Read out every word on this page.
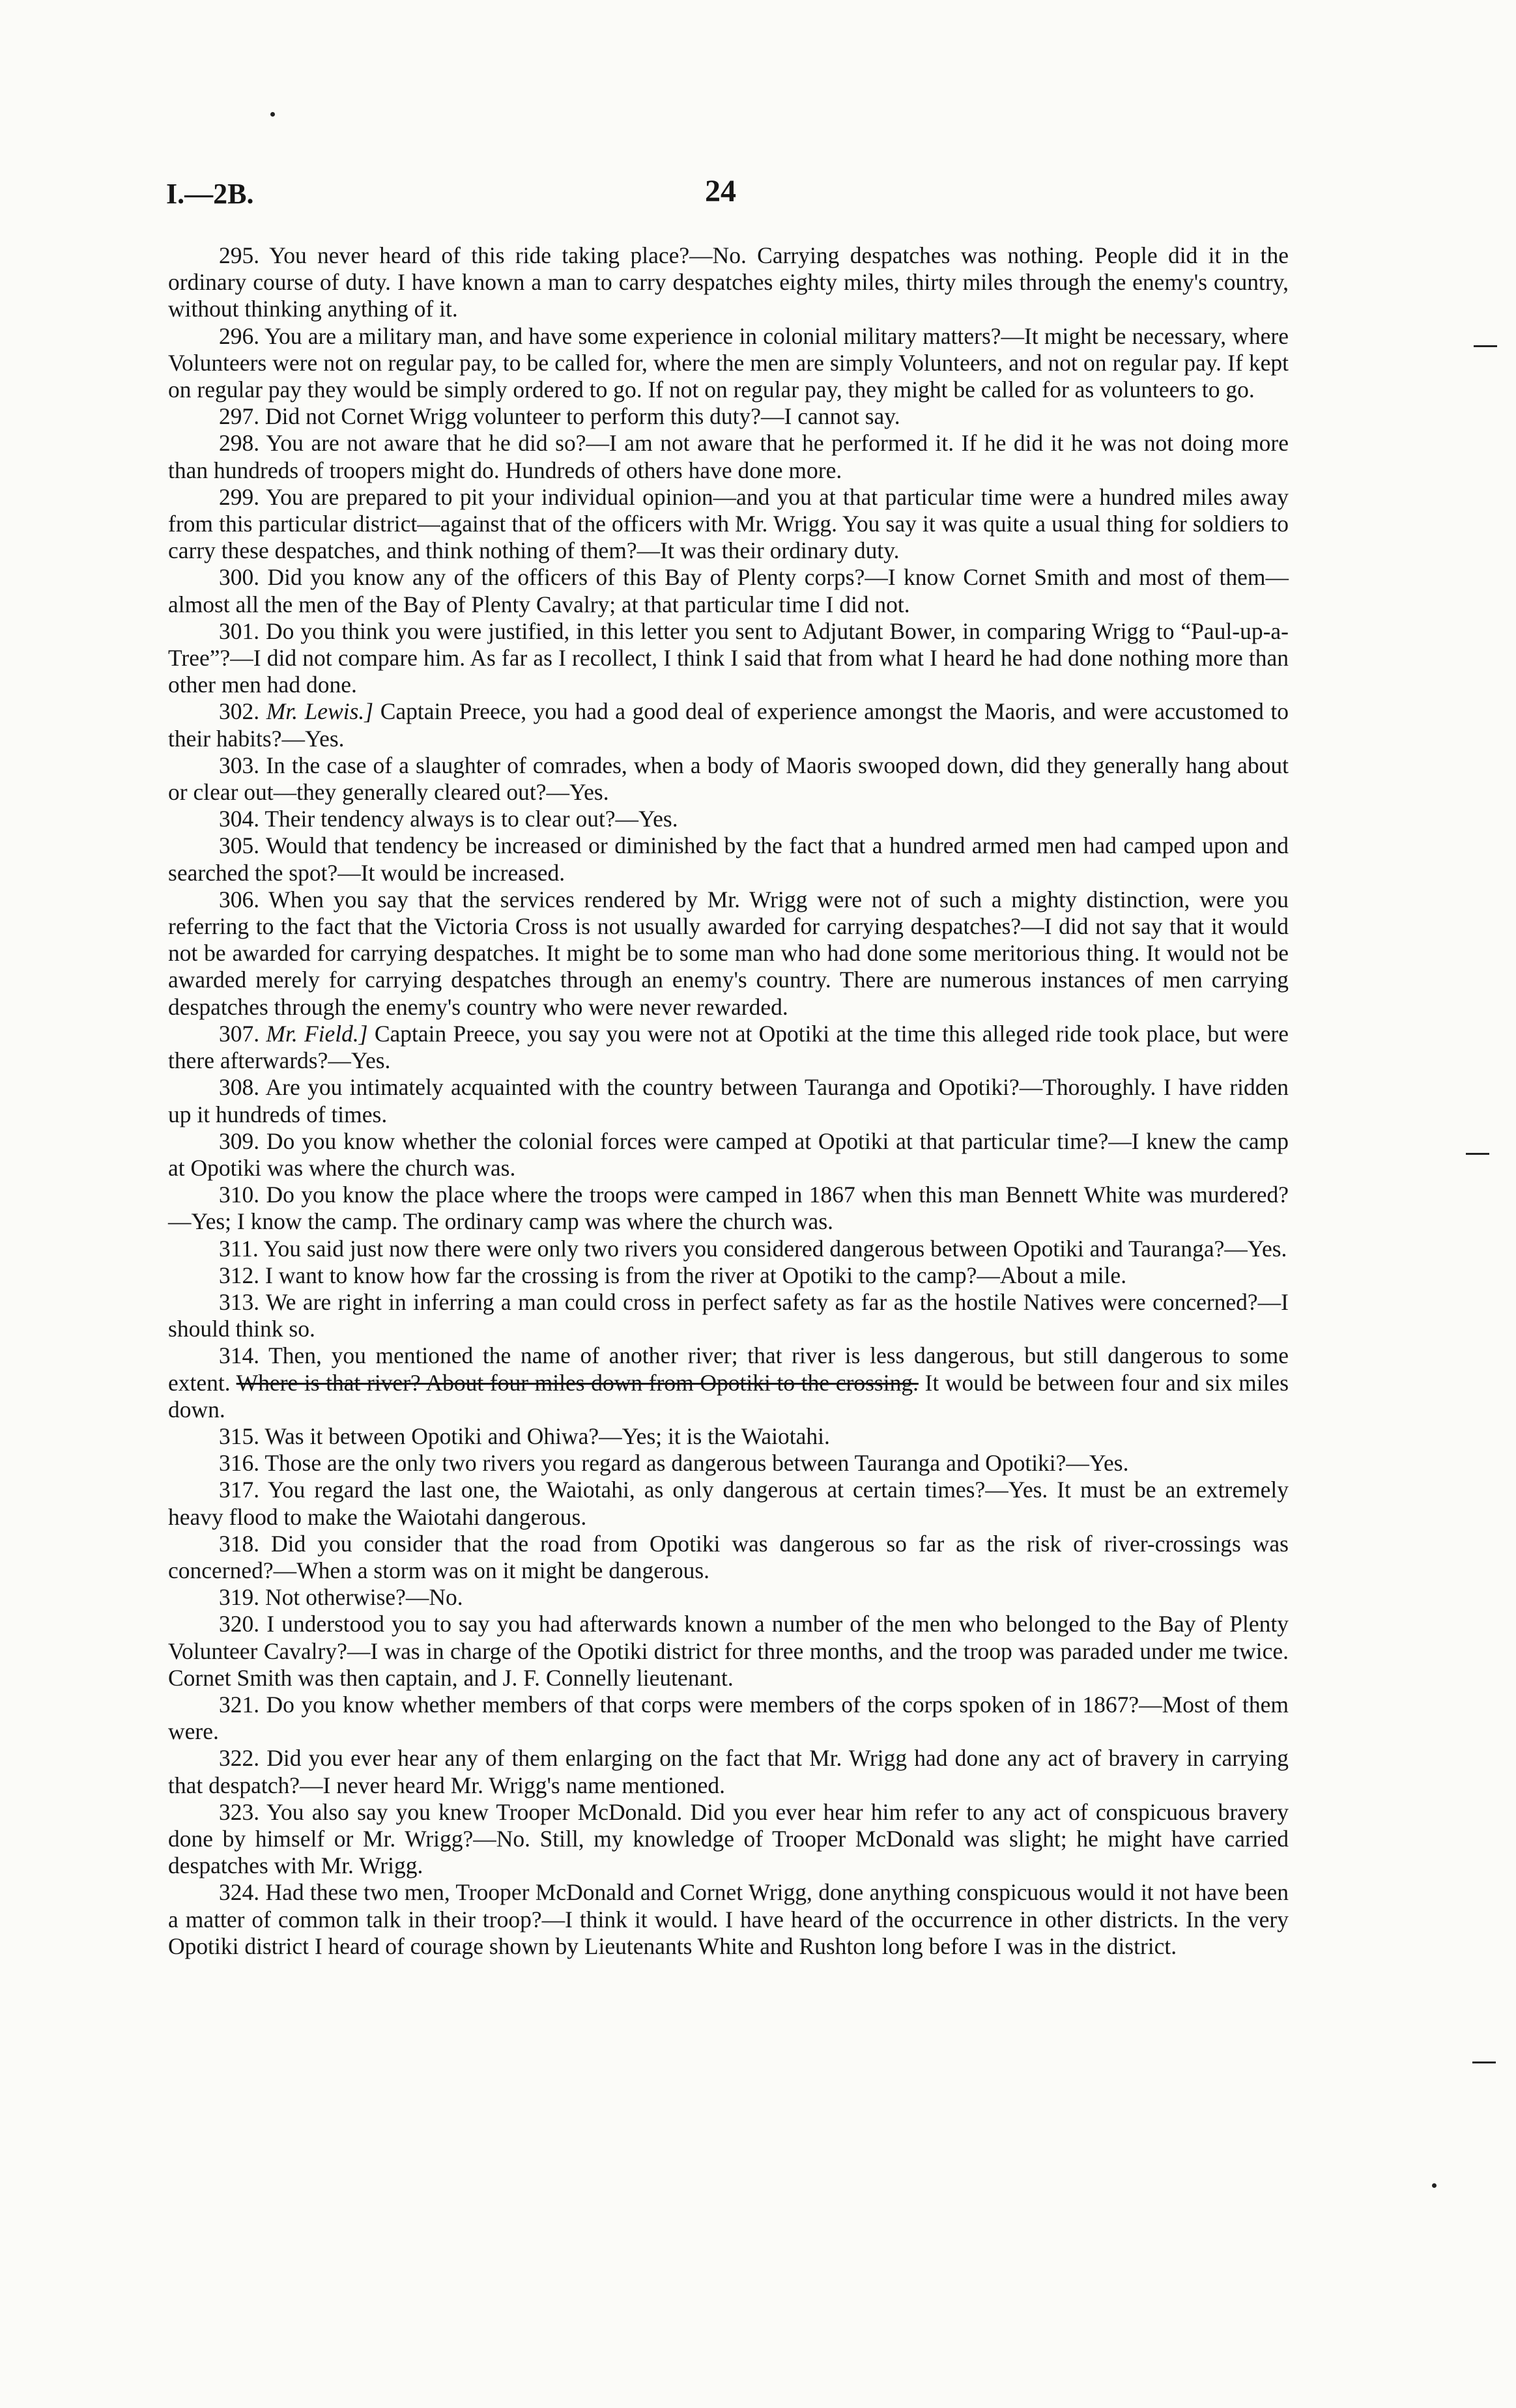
I.—2B.	24

295. You never heard of this ride taking place?—No. Carrying despatches was nothing. People did it in the ordinary course of duty. I have known a man to carry despatches eighty miles, thirty miles through the enemy's country, without thinking anything of it.

296. You are a military man, and have some experience in colonial military matters?—It might be necessary, where Volunteers were not on regular pay, to be called for, where the men are simply Volunteers, and not on regular pay. If kept on regular pay they would be simply ordered to go. If not on regular pay, they might be called for as volunteers to go.

297. Did not Cornet Wrigg volunteer to perform this duty?—I cannot say.

298. You are not aware that he did so?—I am not aware that he performed it. If he did it he was not doing more than hundreds of troopers might do. Hundreds of others have done more.

299. You are prepared to pit your individual opinion—and you at that particular time were a hundred miles away from this particular district—against that of the officers with Mr. Wrigg. You say it was quite a usual thing for soldiers to carry these despatches, and think nothing of them?—It was their ordinary duty.

300. Did you know any of the officers of this Bay of Plenty corps?—I know Cornet Smith and most of them—almost all the men of the Bay of Plenty Cavalry; at that particular time I did not.

301. Do you think you were justified, in this letter you sent to Adjutant Bower, in comparing Wrigg to “Paul-up-a-Tree”?—I did not compare him. As far as I recollect, I think I said that from what I heard he had done nothing more than other men had done.

302. Mr. Lewis.] Captain Preece, you had a good deal of experience amongst the Maoris, and were accustomed to their habits?—Yes.

303. In the case of a slaughter of comrades, when a body of Maoris swooped down, did they generally hang about or clear out—they generally cleared out?—Yes.

304. Their tendency always is to clear out?—Yes.

305. Would that tendency be increased or diminished by the fact that a hundred armed men had camped upon and searched the spot?—It would be increased.

306. When you say that the services rendered by Mr. Wrigg were not of such a mighty distinction, were you referring to the fact that the Victoria Cross is not usually awarded for carrying despatches?—I did not say that it would not be awarded for carrying despatches. It might be to some man who had done some meritorious thing. It would not be awarded merely for carrying despatches through an enemy's country. There are numerous instances of men carrying despatches through the enemy's country who were never rewarded.

307. Mr. Field.] Captain Preece, you say you were not at Opotiki at the time this alleged ride took place, but were there afterwards?—Yes.

308. Are you intimately acquainted with the country between Tauranga and Opotiki?—Thoroughly. I have ridden up it hundreds of times.

309. Do you know whether the colonial forces were camped at Opotiki at that particular time?—I knew the camp at Opotiki was where the church was.

310. Do you know the place where the troops were camped in 1867 when this man Bennett White was murdered?—Yes; I know the camp. The ordinary camp was where the church was.

311. You said just now there were only two rivers you considered dangerous between Opotiki and Tauranga?—Yes.

312. I want to know how far the crossing is from the river at Opotiki to the camp?—About a mile.

313. We are right in inferring a man could cross in perfect safety as far as the hostile Natives were concerned?—I should think so.

314. Then, you mentioned the name of another river; that river is less dangerous, but still dangerous to some extent. Where is that river? About four miles down from Opotiki to the crossing. It would be between four and six miles down.

315. Was it between Opotiki and Ohiwa?—Yes; it is the Waiotahi.

316. Those are the only two rivers you regard as dangerous between Tauranga and Opotiki?—Yes.

317. You regard the last one, the Waiotahi, as only dangerous at certain times?—Yes. It must be an extremely heavy flood to make the Waiotahi dangerous.

318. Did you consider that the road from Opotiki was dangerous so far as the risk of river-crossings was concerned?—When a storm was on it might be dangerous.

319. Not otherwise?—No.

320. I understood you to say you had afterwards known a number of the men who belonged to the Bay of Plenty Volunteer Cavalry?—I was in charge of the Opotiki district for three months, and the troop was paraded under me twice. Cornet Smith was then captain, and J. F. Connelly lieutenant.

321. Do you know whether members of that corps were members of the corps spoken of in 1867?—Most of them were.

322. Did you ever hear any of them enlarging on the fact that Mr. Wrigg had done any act of bravery in carrying that despatch?—I never heard Mr. Wrigg's name mentioned.

323. You also say you knew Trooper McDonald. Did you ever hear him refer to any act of conspicuous bravery done by himself or Mr. Wrigg?—No. Still, my knowledge of Trooper McDonald was slight; he might have carried despatches with Mr. Wrigg.

324. Had these two men, Trooper McDonald and Cornet Wrigg, done anything conspicuous would it not have been a matter of common talk in their troop?—I think it would. I have heard of the occurrence in other districts. In the very Opotiki district I heard of courage shown by Lieutenants White and Rushton long before I was in the district.
